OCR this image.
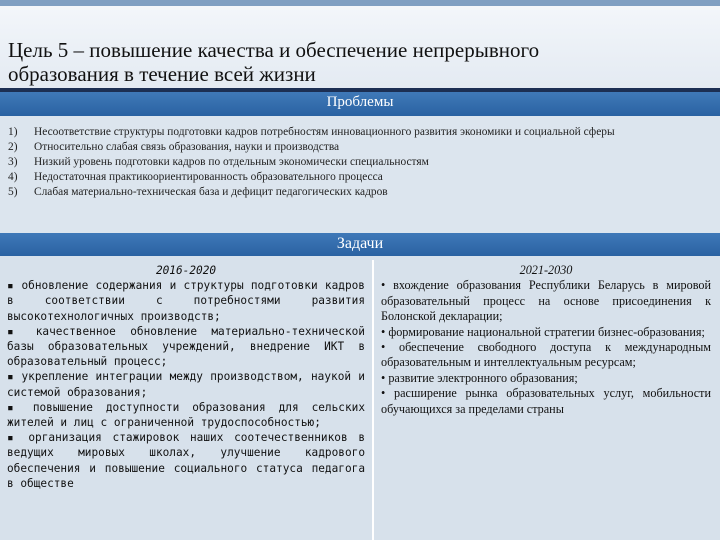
Цель 5 – повышение качества и обеспечение непрерывного
образования в течение всей жизни
Проблемы
1)	Несоответствие структуры подготовки кадров потребностям инновационного развития экономики и социальной сферы
2)	Относительно слабая связь образования, науки и производства
3)	Низкий уровень подготовки кадров по отдельным экономически специальностям
4)	Недостаточная практикоориентированность образовательного процесса
5)	Слабая материально-техническая база и дефицит педагогических кадров
Задачи
2016-2020
▪ обновление содержания и структуры подготовки кадров в соответствии с потребностями развития высокотехнологичных производств;
▪ качественное обновление материально-технической базы образовательных учреждений, внедрение ИКТ в образовательный процесс;
▪ укрепление интеграции между производством, наукой и системой образования;
▪ повышение доступности образования для сельских жителей и лиц с ограниченной трудоспособностью;
▪ организация стажировок наших соотечественников в ведущих мировых школах, улучшение кадрового обеспечения и повышение социального статуса педагога в обществе
2021-2030
• вхождение образования Республики Беларусь в мировой образовательный процесс на основе присоединения к Болонской декларации;
• формирование национальной стратегии бизнес-образования;
• обеспечение свободного доступа к международным образовательным и интеллектуальным ресурсам;
• развитие электронного образования;
• расширение рынка образовательных услуг, мобильности обучающихся за пределами страны
